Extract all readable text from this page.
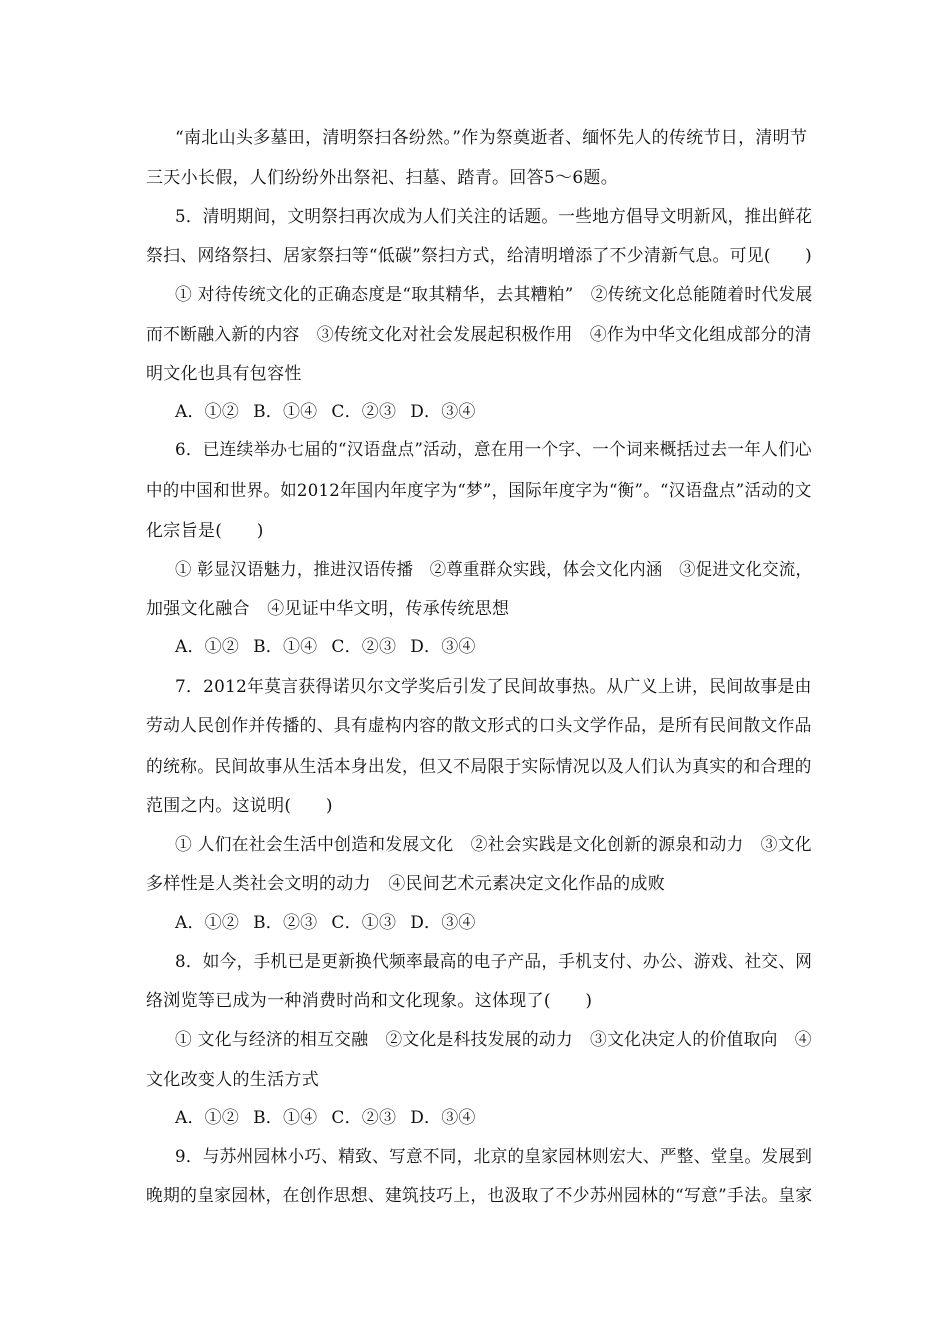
“南北山头多墓田，清明祭扫各纷然。”作为祭奠逝者、缅怀先人的传统节日，清明节
三天小长假，人们纷纷外出祭祀、扫墓、踏青。回答5～6题。
5．清明期间，文明祭扫再次成为人们关注的话题。一些地方倡导文明新风，推出鲜花
祭扫、网络祭扫、居家祭扫等“低碳”祭扫方式，给清明增添了不少清新气息。可见(　　)
① 对待传统文化的正确态度是“取其精华，去其糟粕”　②传统文化总能随着时代发展
而不断融入新的内容　③传统文化对社会发展起积极作用　④作为中华文化组成部分的清
明文化也具有包容性
A．①② B．①④ C．②③ D．③④
6．已连续举办七届的“汉语盘点”活动，意在用一个字、一个词来概括过去一年人们心
中的中国和世界。如2012年国内年度字为“梦”，国际年度字为“衡”。“汉语盘点”活动的文
化宗旨是(　　)
① 彰显汉语魅力，推进汉语传播　②尊重群众实践，体会文化内涵　③促进文化交流，
加强文化融合　④见证中华文明，传承传统思想
A．①② B．①④ C．②③ D．③④
7．2012年莫言获得诺贝尔文学奖后引发了民间故事热。从广义上讲，民间故事是由
劳动人民创作并传播的、具有虚构内容的散文形式的口头文学作品，是所有民间散文作品
的统称。民间故事从生活本身出发，但又不局限于实际情况以及人们认为真实的和合理的
范围之内。这说明(　　)
① 人们在社会生活中创造和发展文化　②社会实践是文化创新的源泉和动力　③文化
多样性是人类社会文明的动力　④民间艺术元素决定文化作品的成败
A．①② B．②③ C．①③ D．③④
8．如今，手机已是更新换代频率最高的电子产品，手机支付、办公、游戏、社交、网
络浏览等已成为一种消费时尚和文化现象。这体现了(　　)
① 文化与经济的相互交融　②文化是科技发展的动力　③文化决定人的价值取向　④
文化改变人的生活方式
A．①② B．①④ C．②③ D．③④
9．与苏州园林小巧、精致、写意不同，北京的皇家园林则宏大、严整、堂皇。发展到
晚期的皇家园林，在创作思想、建筑技巧上，也汲取了不少苏州园林的“写意”手法。皇家
